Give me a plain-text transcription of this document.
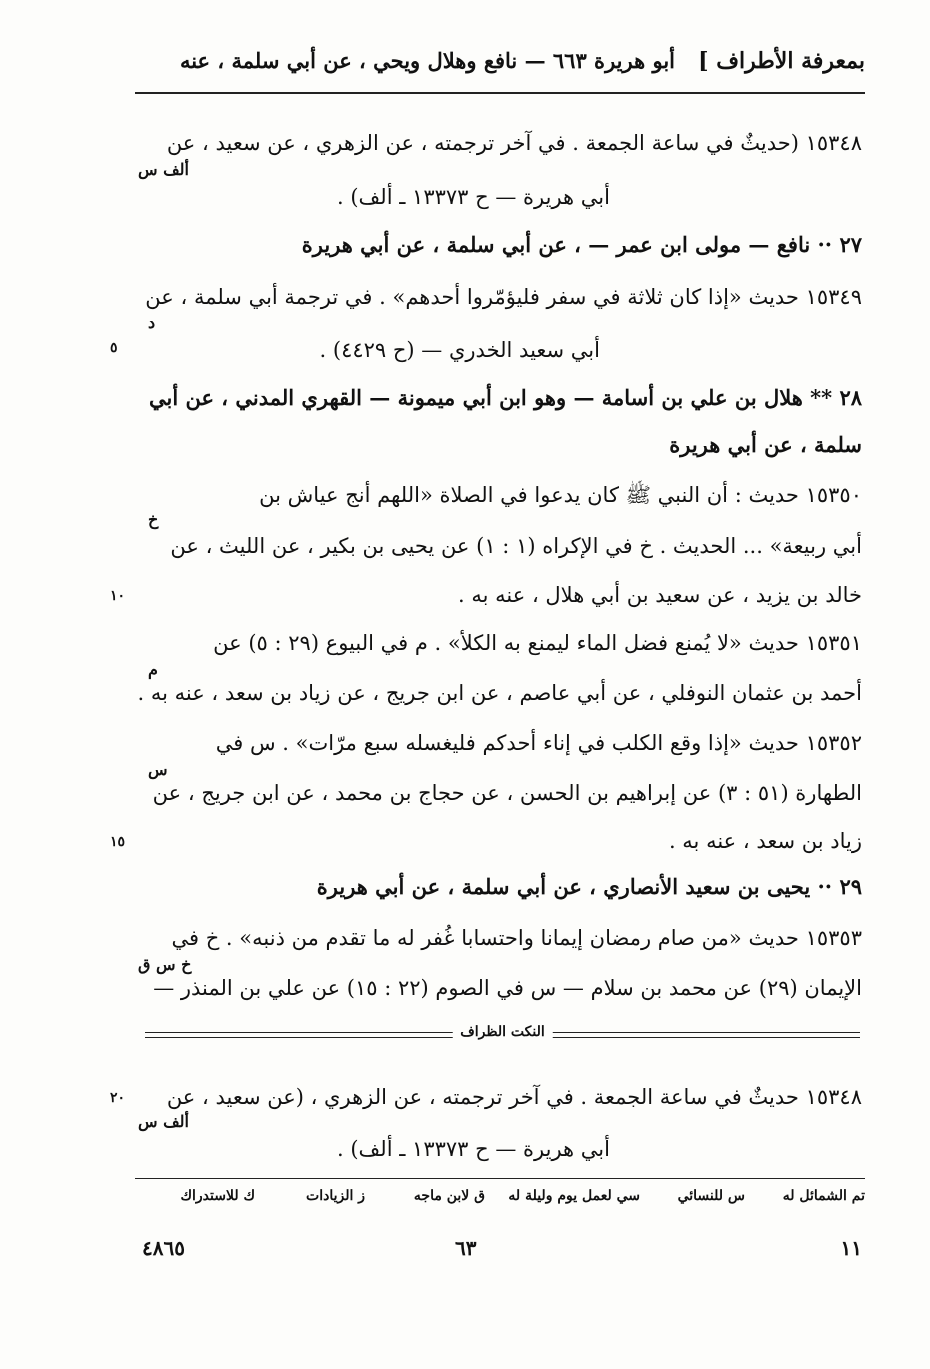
بمعرفة الأطراف ]
أبو هريرة ٦٦٣ — نافع وهلال ويحي ، عن أبي سلمة ، عنه
١٥٣٤٨ (حديثٌ في ساعة الجمعة . في آخر ترجمته ، عن الزهري ، عن سعيد ، عن
ألف س
أبي هريرة — ح ١٣٣٧٣ ـ ألف) .
٢٧ ·· نافع — مولى ابن عمر — ، عن أبي سلمة ، عن أبي هريرة
١٥٣٤٩ حديث «إذا كان ثلاثة في سفر فليؤمّروا أحدهم» . في ترجمة أبي سلمة ، عن
د
أبي سعيد الخدري — (ح ٤٤٢٩) .
٥
٢٨ ** هلال بن علي بن أسامة — وهو ابن أبي ميمونة — القهري المدني ، عن أبي
سلمة ، عن أبي هريرة
١٥٣٥٠ حديث : أن النبي ﷺ كان يدعوا في الصلاة «اللهم أنج عياش بن
خ
أبي ربيعة» ... الحديث . خ في الإكراه (١ : ١) عن يحيى بن بكير ، عن الليث ، عن
خالد بن يزيد ، عن سعيد بن أبي هلال ، عنه به .
١٠
١٥٣٥١ حديث «لا يُمنع فضل الماء ليمنع به الكلأ» . م في البيوع (٢٩ : ٥) عن
م
أحمد بن عثمان النوفلي ، عن أبي عاصم ، عن ابن جريج ، عن زياد بن سعد ، عنه به .
١٥٣٥٢ حديث «إذا وقع الكلب في إناء أحدكم فليغسله سبع مرّات» . س في
س
الطهارة (٥١ : ٣) عن إبراهيم بن الحسن ، عن حجاج بن محمد ، عن ابن جريج ، عن
زياد بن سعد ، عنه به .
١٥
٢٩ ·· يحيى بن سعيد الأنصاري ، عن أبي سلمة ، عن أبي هريرة
١٥٣٥٣ حديث «من صام رمضان إيمانا واحتسابا غُفر له ما تقدم من ذنبه» . خ في
خ س ق
الإيمان (٢٩) عن محمد بن سلام — س في الصوم (٢٢ : ١٥) عن علي بن المنذر —
النكت الظراف
١٥٣٤٨ حديثٌ في ساعة الجمعة . في آخر ترجمته ، عن الزهري ، (عن سعيد ، عن
٢٠
ألف س
أبي هريرة — ح ١٣٣٧٣ ـ ألف) .
تم الشمائل له
س للنسائي
سي لعمل يوم وليلة له
ق لابن ماجه
ز الزيادات
ك للاستدراك
١١
٦٣
٤٨٦٥
